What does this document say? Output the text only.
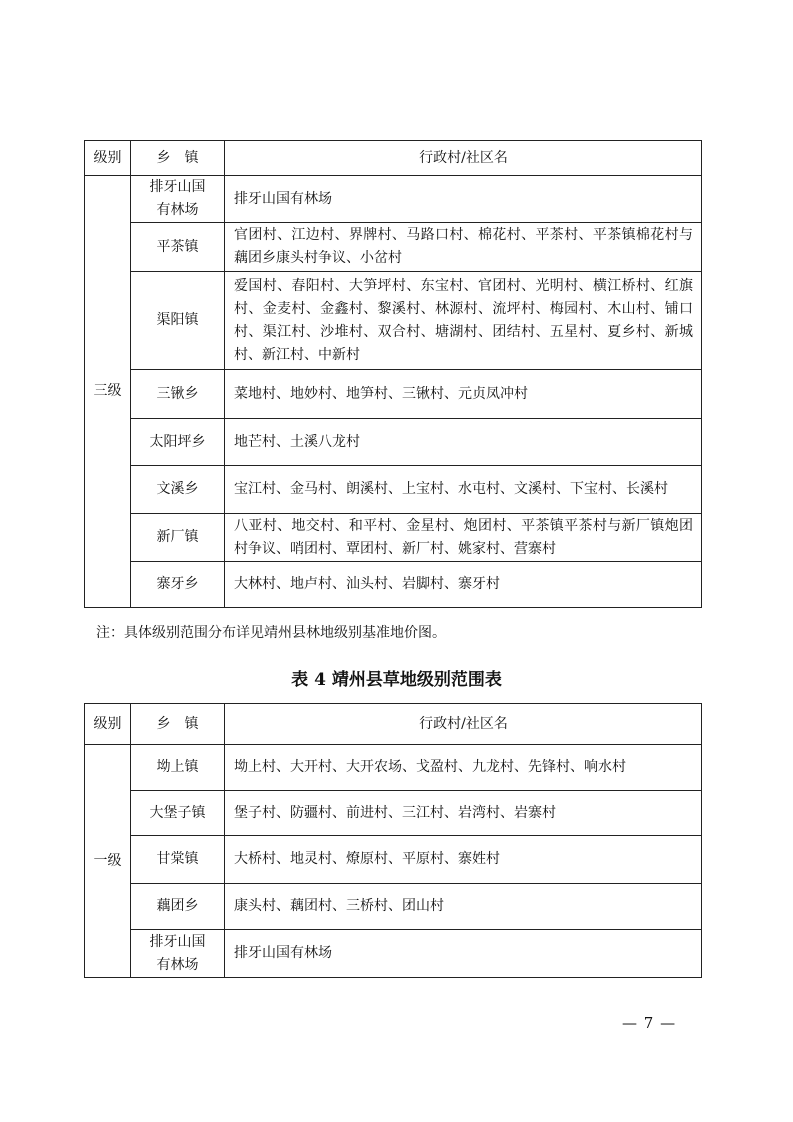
级别	乡　镇	行政村/社区名
三级	排牙山国有林场	排牙山国有林场
	平茶镇	官团村、江边村、界牌村、马路口村、棉花村、平茶村、平茶镇棉花村与藕团乡康头村争议、小岔村
	渠阳镇	爱国村、春阳村、大笋坪村、东宝村、官团村、光明村、横江桥村、红旗村、金麦村、金鑫村、黎溪村、林源村、流坪村、梅园村、木山村、铺口村、渠江村、沙堆村、双合村、塘湖村、团结村、五星村、夏乡村、新城村、新江村、中新村
	三锹乡	菜地村、地妙村、地笋村、三锹村、元贞凤冲村
	太阳坪乡	地芒村、土溪八龙村
	文溪乡	宝江村、金马村、朗溪村、上宝村、水屯村、文溪村、下宝村、长溪村
	新厂镇	八亚村、地交村、和平村、金星村、炮团村、平茶镇平茶村与新厂镇炮团村争议、哨团村、覃团村、新厂村、姚家村、营寨村
	寨牙乡	大林村、地卢村、汕头村、岩脚村、寨牙村
注：具体级别范围分布详见靖州县林地级别基准地价图。
表 4 靖州县草地级别范围表
级别	乡　镇	行政村/社区名
一级	坳上镇	坳上村、大开村、大开农场、戈盈村、九龙村、先锋村、响水村
	大堡子镇	堡子村、防疆村、前进村、三江村、岩湾村、岩寨村
	甘棠镇	大桥村、地灵村、燎原村、平原村、寨姓村
	藕团乡	康头村、藕团村、三桥村、团山村
	排牙山国有林场	排牙山国有林场
— 7 —
